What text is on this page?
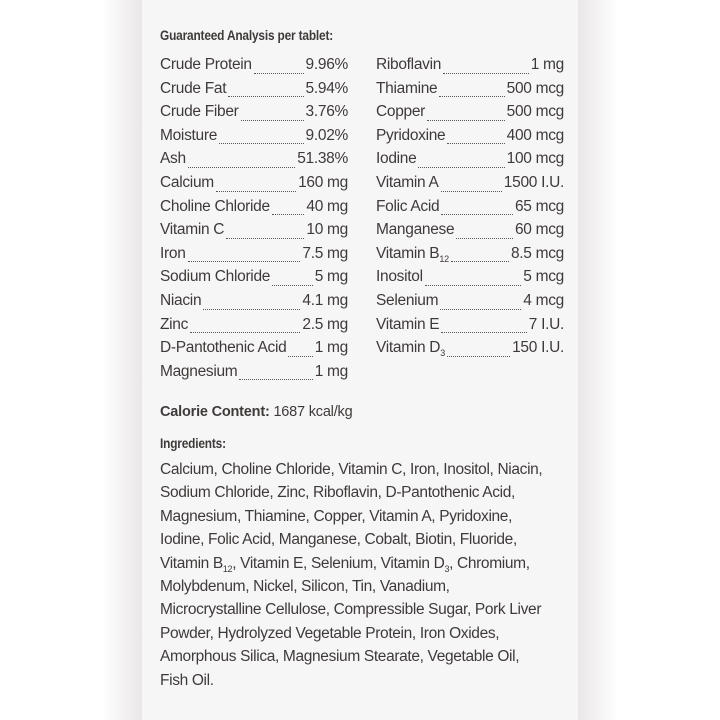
Guaranteed Analysis per tablet:
Crude Protein	9.96%
Crude Fat	5.94%
Crude Fiber	3.76%
Moisture	9.02%
Ash	51.38%
Calcium	160 mg
Choline Chloride 40 mg
Vitamin C	10 mg
Iron	7.5 mg
Sodium Chloride	5 mg
Niacin	4.1 mg
Zinc	2.5 mg
D-Pantothenic Acid 1 mg
Magnesium	1 mg
Riboflavin	1 mg
Thiamine	500 mcg
Copper	500 mcg
Pyridoxine	400 mcg
Iodine	100 mcg
Vitamin A	1500 I.U.
Folic Acid	65 mcg
Manganese	60 mcg
Vitamin $B_{12}$	8.5 mcg
Inositol	5 mcg
Selenium	4 mcg
Vitamin E	7 I.U.
Vitamin $D_3$	150 I.U.
Calorie Content: 1687 kcal/kg
Ingredients:
Calcium, Choline Chloride, Vitamin C, Iron, Inositol, Niacin,
Sodium Chloride, Zinc, Riboflavin, D-Pantothenic Acid,
Magnesium, Thiamine, Copper, Vitamin A, Pyridoxine,
Iodine, Folic Acid, Manganese, Cobalt, Biotin, Fluoride,
Vitamin $B_{12}$, Vitamin E, Selenium, Vitamin $D_3$, Chromium,
Molybdenum, Nickel, Silicon, Tin, Vanadium,
Microcrystalline Cellulose, Compressible Sugar, Pork Liver
Powder, Hydrolyzed Vegetable Protein, Iron Oxides,
Amorphous Silica, Magnesium Stearate, Vegetable Oil,
Fish Oil.
